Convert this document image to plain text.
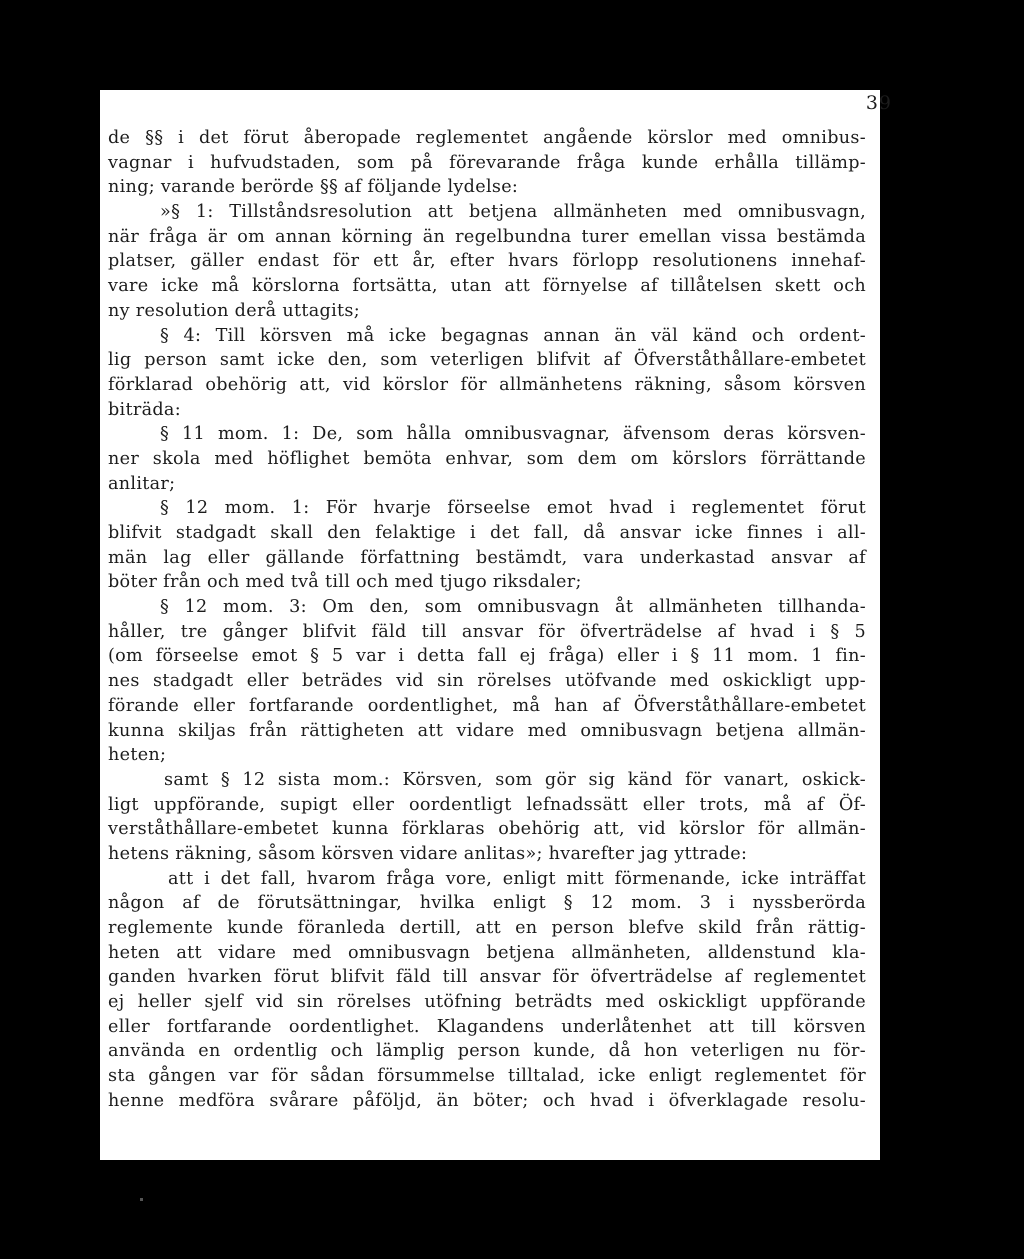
39
de §§ i det förut åberopade reglementet angående körslor med omnibus-
vagnar i hufvudstaden, som på förevarande fråga kunde erhålla tillämp-
ning; varande berörde §§ af följande lydelse:
»§ 1: Tillståndsresolution att betjena allmänheten med omnibusvagn,
när fråga är om annan körning än regelbundna turer emellan vissa bestämda
platser, gäller endast för ett år, efter hvars förlopp resolutionens innehaf-
vare icke må körslorna fortsätta, utan att förnyelse af tillåtelsen skett och
ny resolution derå uttagits;
§ 4: Till körsven må icke begagnas annan än väl känd och ordent-
lig person samt icke den, som veterligen blifvit af Öfverståthållare-embetet
förklarad obehörig att, vid körslor för allmänhetens räkning, såsom körsven
biträda:
§ 11 mom. 1: De, som hålla omnibusvagnar, äfvensom deras körsven-
ner skola med höflighet bemöta enhvar, som dem om körslors förrättande
anlitar;
§ 12 mom. 1: För hvarje förseelse emot hvad i reglementet förut
blifvit stadgadt skall den felaktige i det fall, då ansvar icke finnes i all-
män lag eller gällande författning bestämdt, vara underkastad ansvar af
böter från och med två till och med tjugo riksdaler;
§ 12 mom. 3: Om den, som omnibusvagn åt allmänheten tillhanda-
håller, tre gånger blifvit fäld till ansvar för öfverträdelse af hvad i § 5
(om förseelse emot § 5 var i detta fall ej fråga) eller i § 11 mom. 1 fin-
nes stadgadt eller beträdes vid sin rörelses utöfvande med oskickligt upp-
förande eller fortfarande oordentlighet, må han af Öfverståthållare-embetet
kunna skiljas från rättigheten att vidare med omnibusvagn betjena allmän-
heten;
samt § 12 sista mom.: Körsven, som gör sig känd för vanart, oskick-
ligt uppförande, supigt eller oordentligt lefnadssätt eller trots, må af Öf-
verståthållare-embetet kunna förklaras obehörig att, vid körslor för allmän-
hetens räkning, såsom körsven vidare anlitas»; hvarefter jag yttrade:
att i det fall, hvarom fråga vore, enligt mitt förmenande, icke inträffat
någon af de förutsättningar, hvilka enligt § 12 mom. 3 i nyssberörda
reglemente kunde föranleda dertill, att en person blefve skild från rättig-
heten att vidare med omnibusvagn betjena allmänheten, alldenstund kla-
ganden hvarken förut blifvit fäld till ansvar för öfverträdelse af reglementet
ej heller sjelf vid sin rörelses utöfning beträdts med oskickligt uppförande
eller fortfarande oordentlighet. Klagandens underlåtenhet att till körsven
använda en ordentlig och lämplig person kunde, då hon veterligen nu för-
sta gången var för sådan försummelse tilltalad, icke enligt reglementet för
henne medföra svårare påföljd, än böter; och hvad i öfverklagade resolu-
